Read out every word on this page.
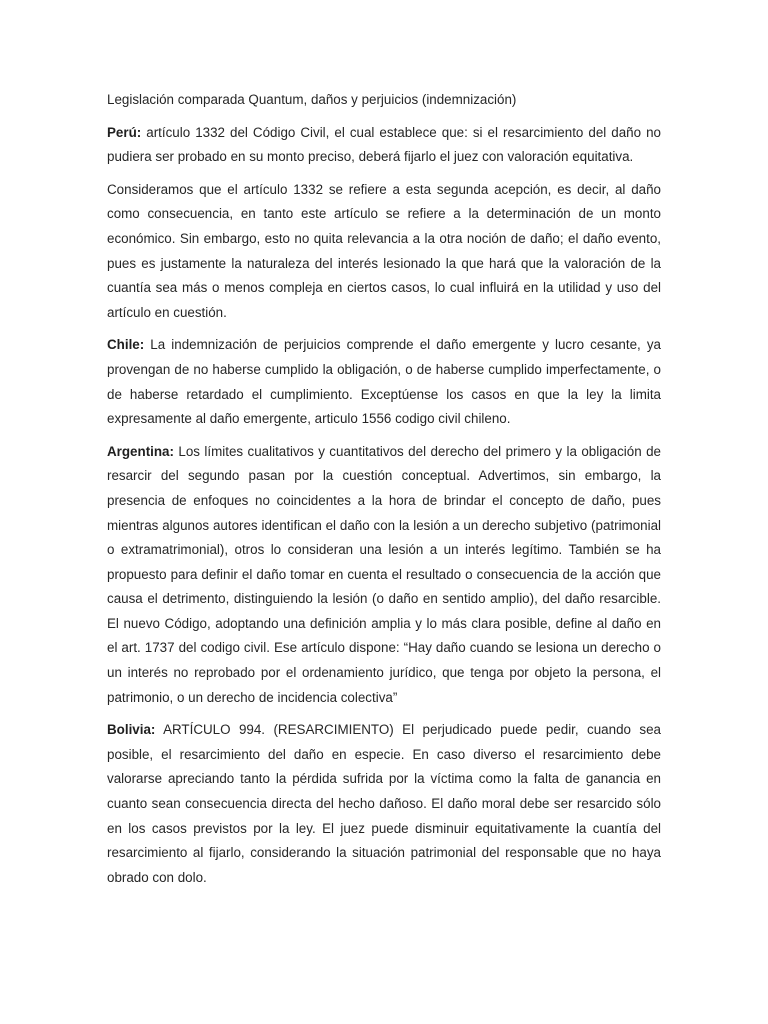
Legislación comparada Quantum, daños y perjuicios (indemnización)

Perú: artículo 1332 del Código Civil, el cual establece que: si el resarcimiento del daño no pudiera ser probado en su monto preciso, deberá fijarlo el juez con valoración equitativa.

Consideramos que el artículo 1332 se refiere a esta segunda acepción, es decir, al daño como consecuencia, en tanto este artículo se refiere a la determinación de un monto económico. Sin embargo, esto no quita relevancia a la otra noción de daño; el daño evento, pues es justamente la naturaleza del interés lesionado la que hará que la valoración de la cuantía sea más o menos compleja en ciertos casos, lo cual influirá en la utilidad y uso del artículo en cuestión.

Chile: La indemnización de perjuicios comprende el daño emergente y lucro cesante, ya provengan de no haberse cumplido la obligación, o de haberse cumplido imperfectamente, o de haberse retardado el cumplimiento. Exceptúense los casos en que la ley la limita expresamente al daño emergente, articulo 1556 codigo civil chileno.

Argentina: Los límites cualitativos y cuantitativos del derecho del primero y la obligación de resarcir del segundo pasan por la cuestión conceptual. Advertimos, sin embargo, la presencia de enfoques no coincidentes a la hora de brindar el concepto de daño, pues mientras algunos autores identifican el daño con la lesión a un derecho subjetivo (patrimonial o extramatrimonial), otros lo consideran una lesión a un interés legítimo. También se ha propuesto para definir el daño tomar en cuenta el resultado o consecuencia de la acción que causa el detrimento, distinguiendo la lesión (o daño en sentido amplio), del daño resarcible. El nuevo Código, adoptando una definición amplia y lo más clara posible, define al daño en el art. 1737 del codigo civil. Ese artículo dispone: “Hay daño cuando se lesiona un derecho o un interés no reprobado por el ordenamiento jurídico, que tenga por objeto la persona, el patrimonio, o un derecho de incidencia colectiva”

Bolivia: ARTÍCULO 994. (RESARCIMIENTO) El perjudicado puede pedir, cuando sea posible, el resarcimiento del daño en especie. En caso diverso el resarcimiento debe valorarse apreciando tanto la pérdida sufrida por la víctima como la falta de ganancia en cuanto sean consecuencia directa del hecho dañoso. El daño moral debe ser resarcido sólo en los casos previstos por la ley. El juez puede disminuir equitativamente la cuantía del resarcimiento al fijarlo, considerando la situación patrimonial del responsable que no haya obrado con dolo.
